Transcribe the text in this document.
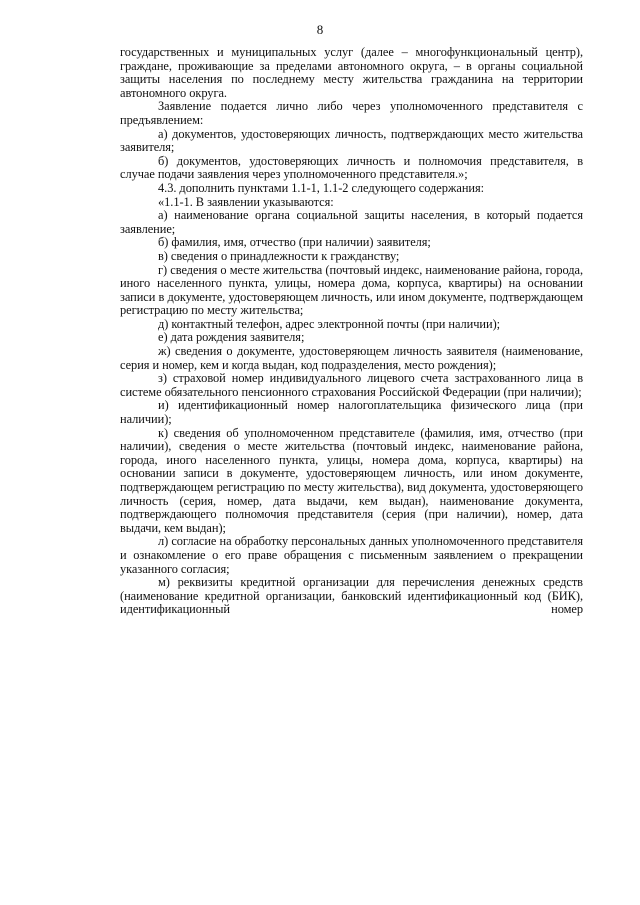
8

государственных и муниципальных услуг (далее – многофункциональный центр), граждане, проживающие за пределами автономного округа, – в органы социальной защиты населения по последнему месту жительства гражданина на территории автономного округа.

Заявление подается лично либо через уполномоченного представителя с предъявлением:

а) документов, удостоверяющих личность, подтверждающих место жительства заявителя;

б) документов, удостоверяющих личность и полномочия представителя, в случае подачи заявления через уполномоченного представителя.»;

4.3. дополнить пунктами 1.1-1, 1.1-2 следующего содержания:

«1.1-1. В заявлении указываются:

а) наименование органа социальной защиты населения, в который подается заявление;

б) фамилия, имя, отчество (при наличии) заявителя;

в) сведения о принадлежности к гражданству;

г) сведения о месте жительства (почтовый индекс, наименование района, города, иного населенного пункта, улицы, номера дома, корпуса, квартиры) на основании записи в документе, удостоверяющем личность, или ином документе, подтверждающем регистрацию по месту жительства;

д) контактный телефон, адрес электронной почты (при наличии);

е) дата рождения заявителя;

ж) сведения о документе, удостоверяющем личность заявителя (наименование, серия и номер, кем и когда выдан, код подразделения, место рождения);

з) страховой номер индивидуального лицевого счета застрахованного лица в системе обязательного пенсионного страхования Российской Федерации (при наличии);

и) идентификационный номер налогоплательщика физического лица (при наличии);

к) сведения об уполномоченном представителе (фамилия, имя, отчество (при наличии), сведения о месте жительства (почтовый индекс, наименование района, города, иного населенного пункта, улицы, номера дома, корпуса, квартиры) на основании записи в документе, удостоверяющем личность, или ином документе, подтверждающем регистрацию по месту жительства), вид документа, удостоверяющего личность (серия, номер, дата выдачи, кем выдан), наименование документа, подтверждающего полномочия представителя (серия (при наличии), номер, дата выдачи, кем выдан);

л) согласие на обработку персональных данных уполномоченного представителя и ознакомление о его праве обращения с письменным заявлением о прекращении указанного согласия;

м) реквизиты кредитной организации для перечисления денежных средств (наименование кредитной организации, банковский идентификационный код (БИК), идентификационный номер
